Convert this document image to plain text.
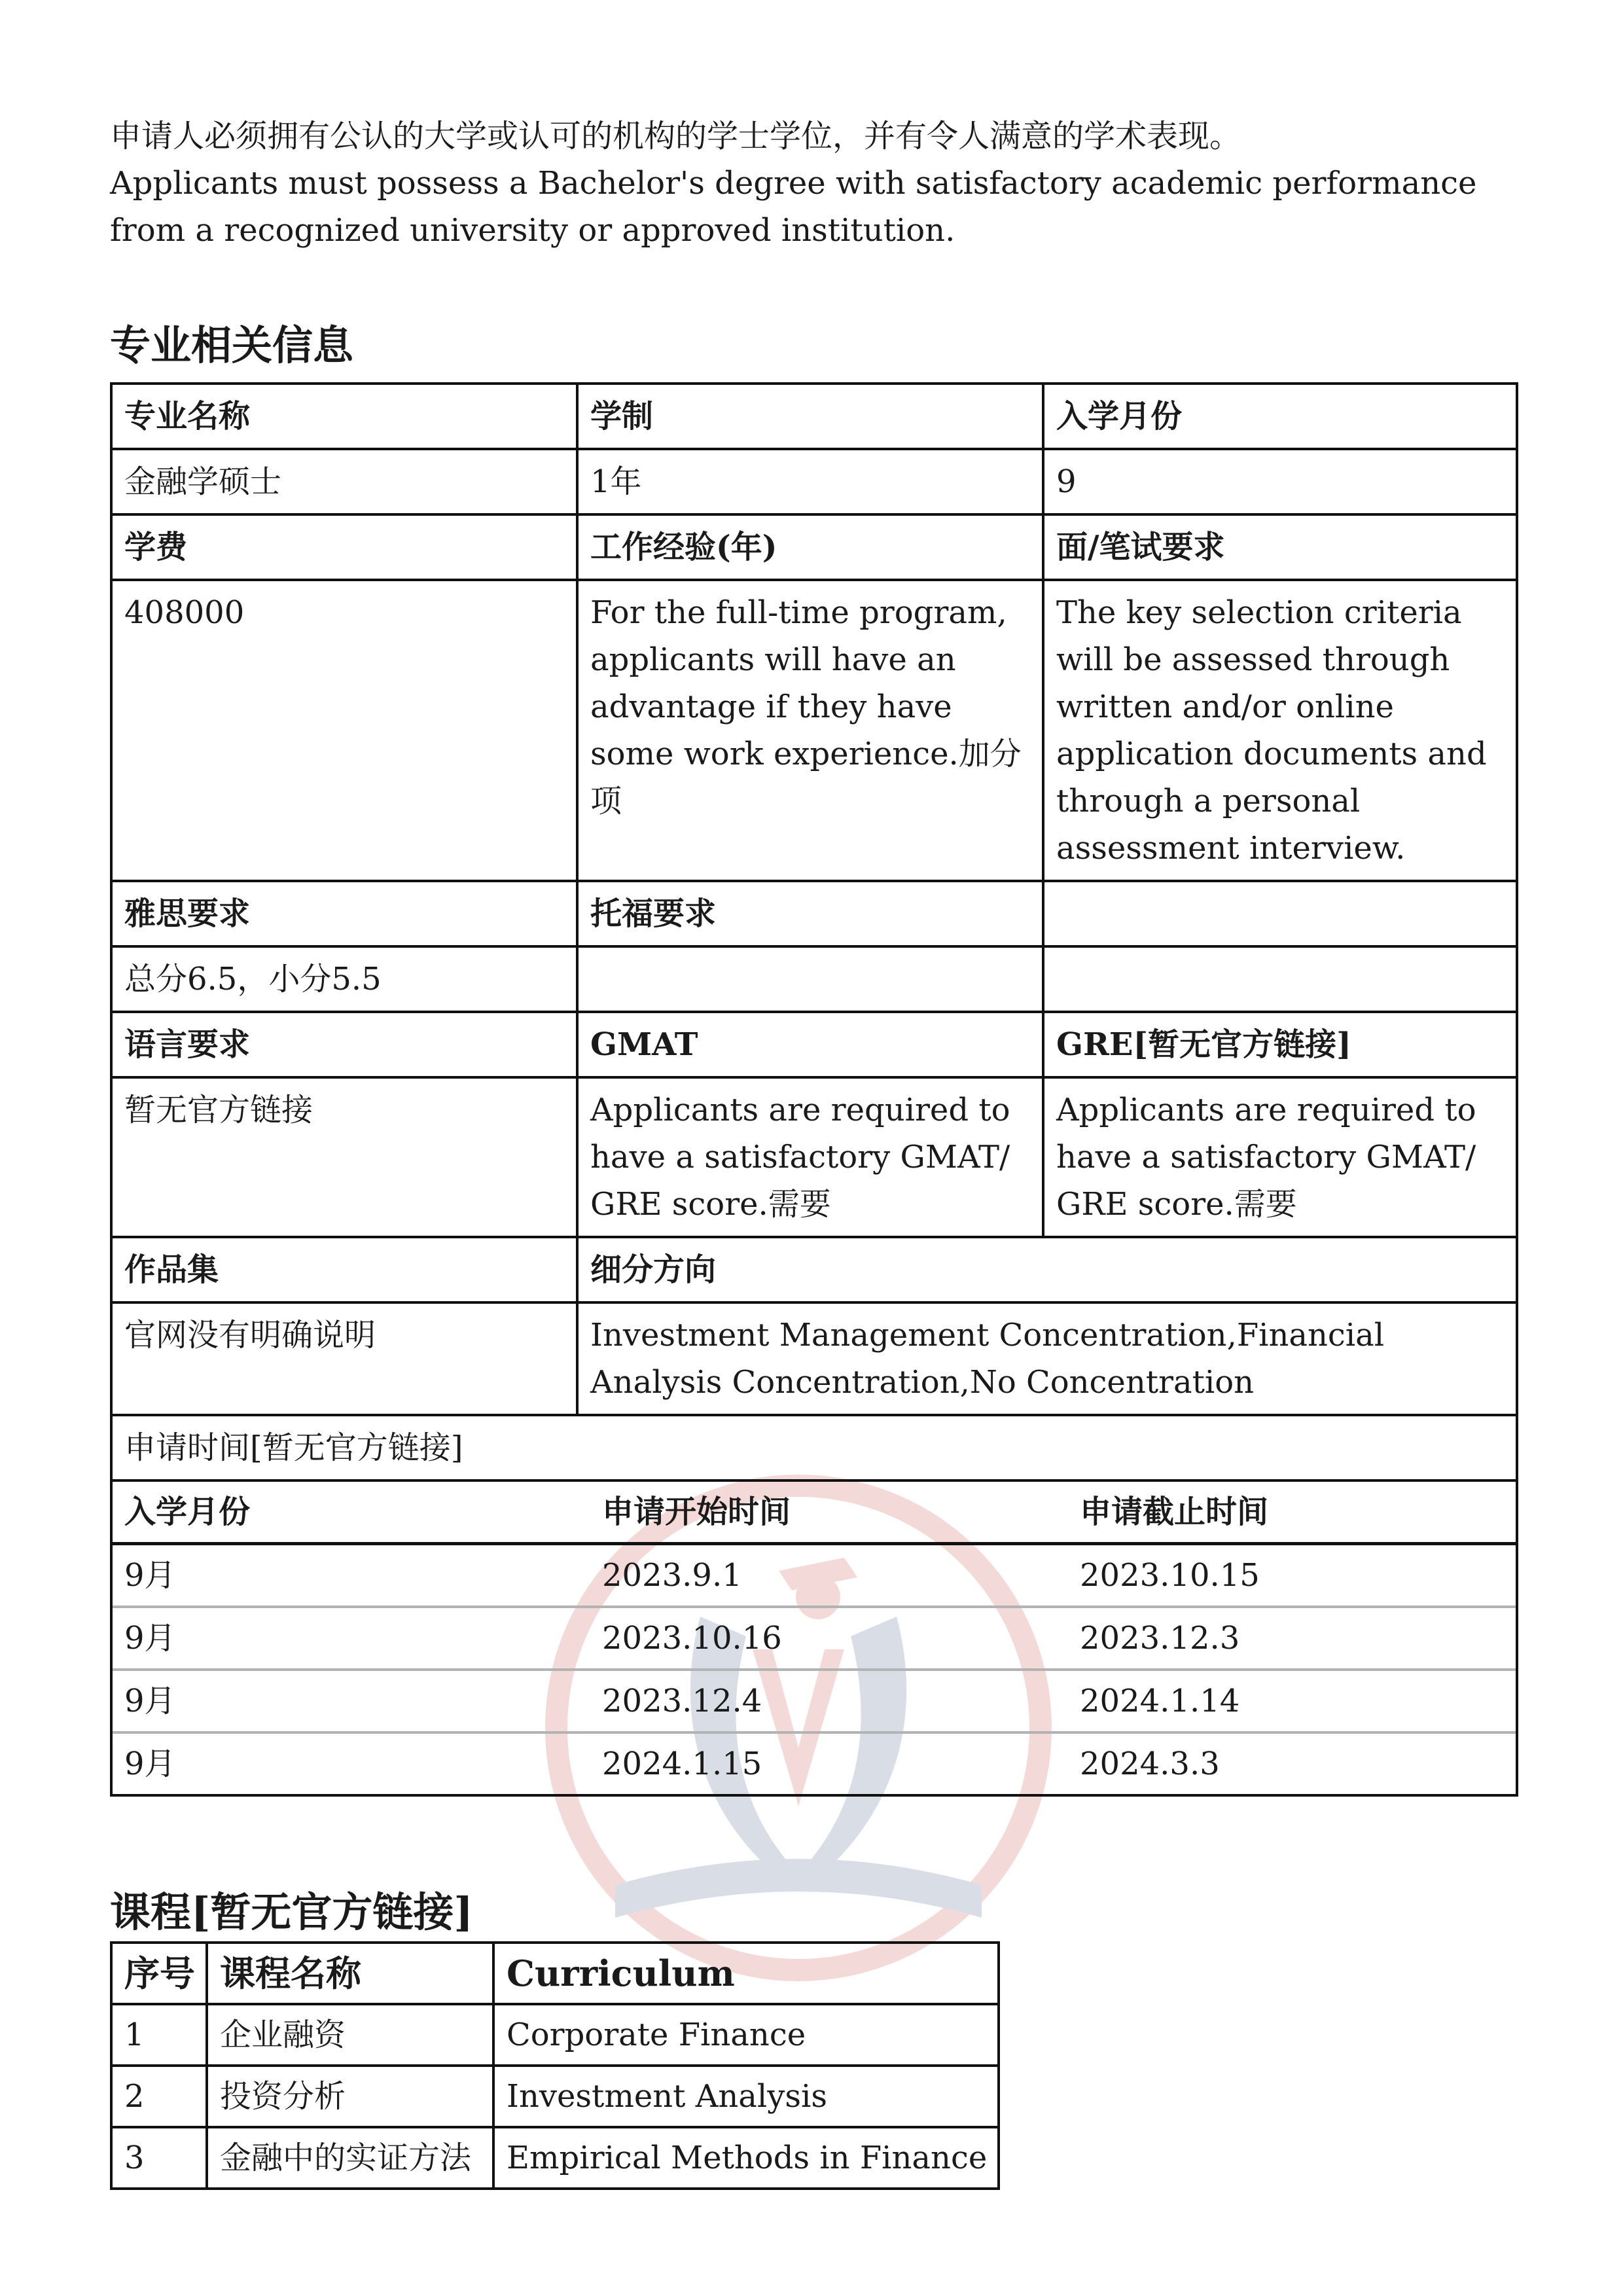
申请人必须拥有公认的大学或认可的机构的学士学位，并有令人满意的学术表现。

Applicants must possess a Bachelor's degree with satisfactory academic performance from a recognized university or approved institution.

专业相关信息
专业名称	学制	入学月份
金融学硕士	1年	9
学费	工作经验(年)	面/笔试要求
408000	For the full-time program, applicants will have an advantage if they have some work experience.加分项	The key selection criteria will be assessed through written and/or online application documents and through a personal assessment interview.
雅思要求	托福要求	
总分6.5，小分5.5		
语言要求	GMAT	GRE[暂无官方链接]
暂无官方链接	Applicants are required to have a satisfactory GMAT/ GRE score.需要	Applicants are required to have a satisfactory GMAT/ GRE score.需要
作品集	细分方向
官网没有明确说明	Investment Management Concentration,Financial Analysis Concentration,No Concentration
申请时间[暂无官方链接]

入学月份	申请开始时间	申请截止时间
9月	2023.9.1	2023.10.15
9月	2023.10.16	2023.12.3
9月	2023.12.4	2024.1.14
9月	2024.1.15	2024.3.3
课程[暂无官方链接]
序号	课程名称	Curriculum
1	企业融资	Corporate Finance
2	投资分析	Investment Analysis
3	金融中的实证方法	Empirical Methods in Finance
